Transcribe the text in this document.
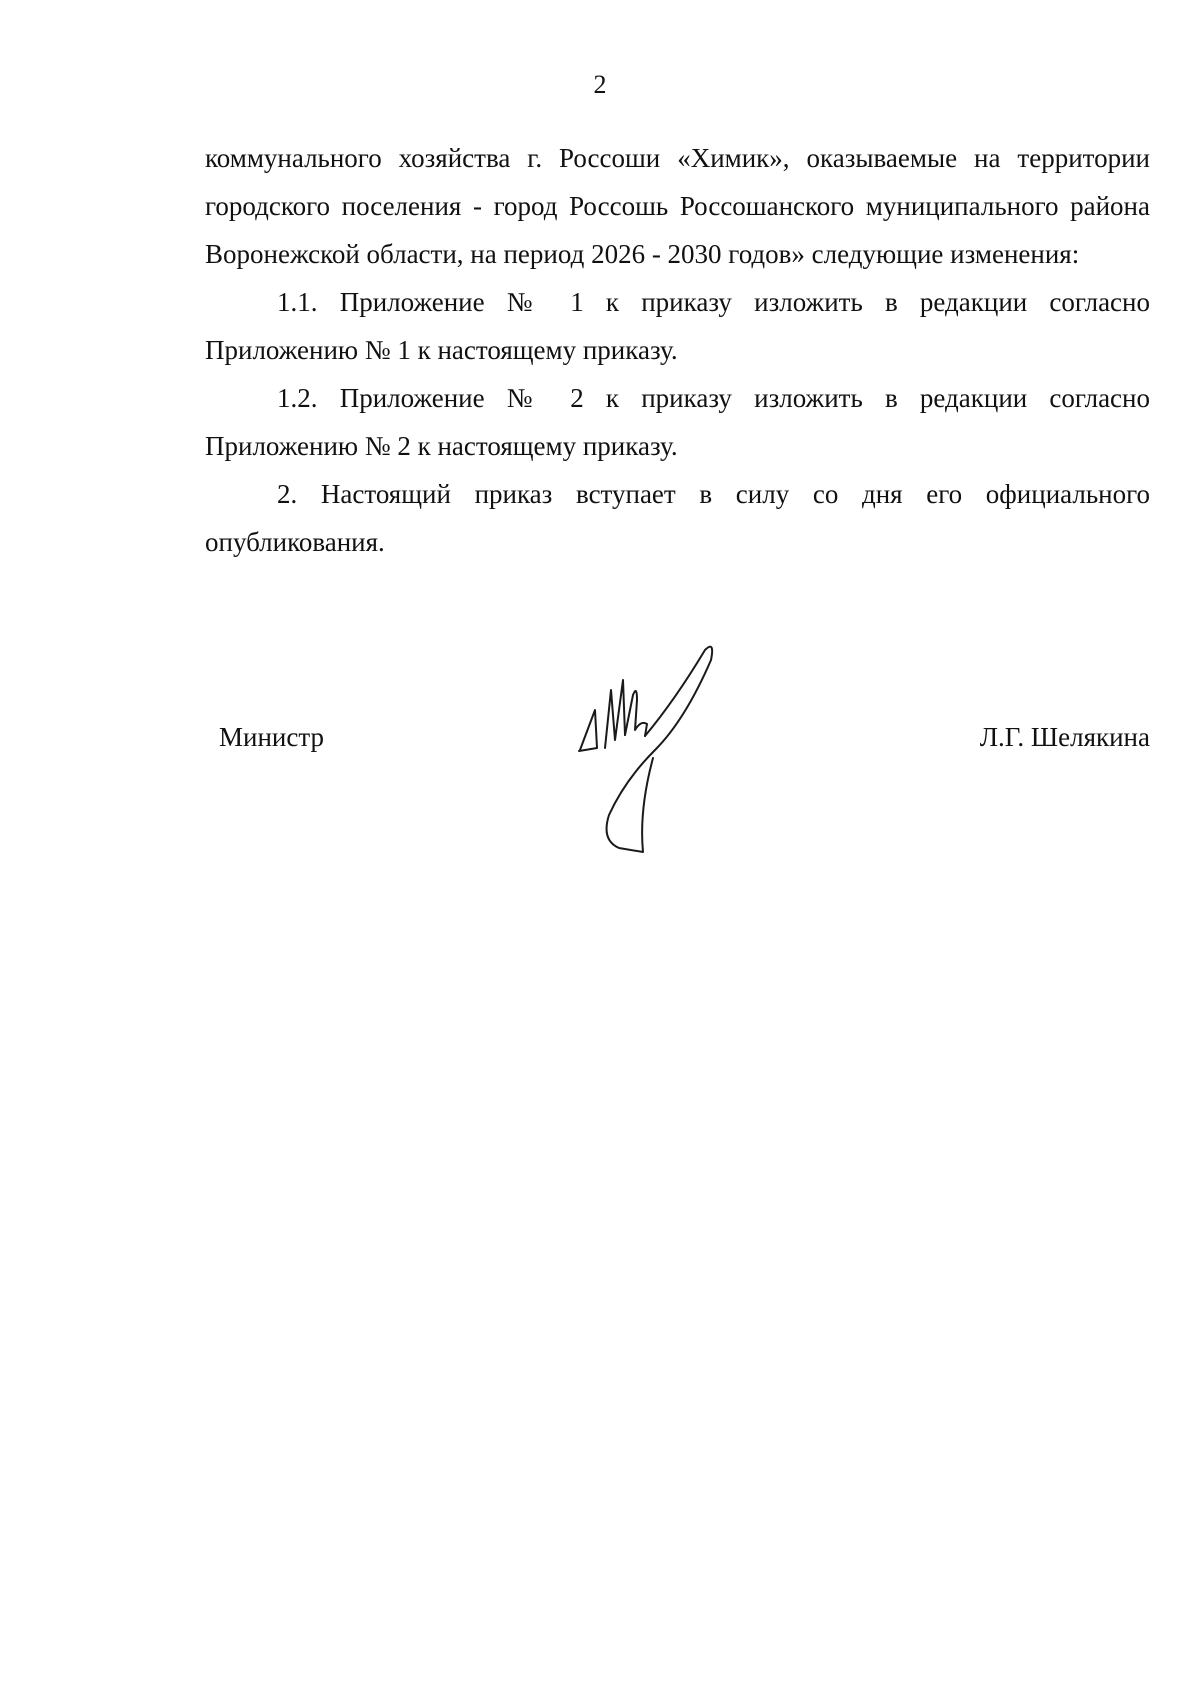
2

коммунального хозяйства г. Россоши «Химик», оказываемые на территории городского поселения - город Россошь Россошанского муниципального района Воронежской области, на период 2026 - 2030 годов» следующие изменения:

1.1. Приложение № 1 к приказу изложить в редакции согласно Приложению № 1 к настоящему приказу.

1.2. Приложение № 2 к приказу изложить в редакции согласно Приложению № 2 к настоящему приказу.

2. Настоящий приказ вступает в силу со дня его официального опубликования.

Министр	Л.Г. Шелякина
